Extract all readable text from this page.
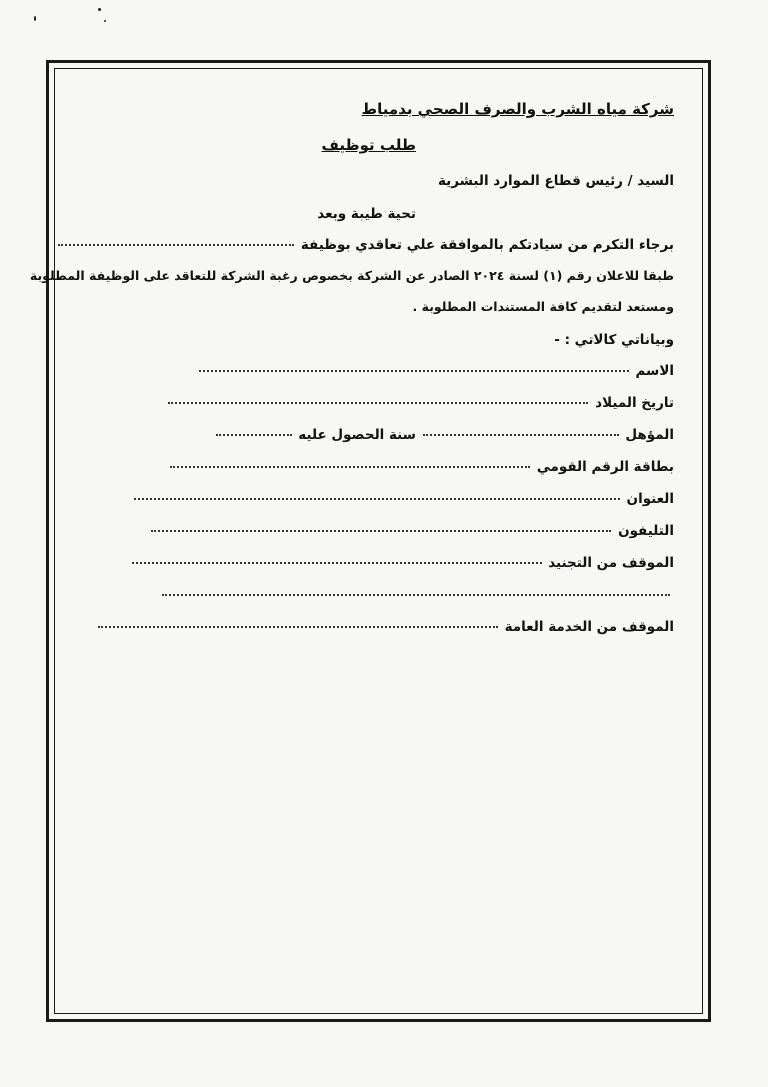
شركة مياه الشرب والصرف الصحي بدمياط
طلب توظيف
السيد / رئيس قطاع الموارد البشرية
تحية طيبة وبعد
برجاء التكرم من سيادتكم بالموافقة علي تعاقدي بوظيفة
طبقا للاعلان رقم (١) لسنة ٢٠٢٤ الصادر عن الشركة بخصوص رغبة الشركة للتعاقد على الوظيفة المطلوبة
ومستعد لتقديم كافة المستندات المطلوبة .
وبياناتي كالاتي : -
الاسم
تاريخ الميلاد
المؤهل  سنة الحصول عليه
بطاقة الرقم القومي
العنوان
التليفون
الموقف من التجنيد
الموقف من الخدمة العامة
